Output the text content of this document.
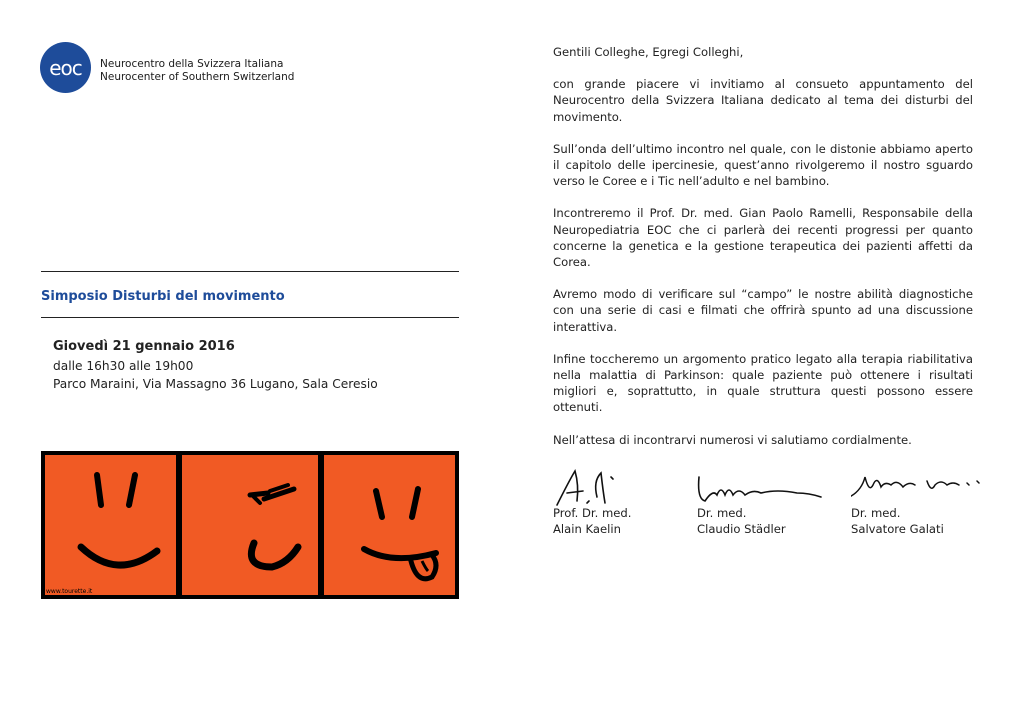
eoc Neurocentro della Svizzera Italiana
Neurocenter of Southern Switzerland
Simposio Disturbi del movimento
Giovedì 21 gennaio 2016
dalle 16h30 alle 19h00
Parco Maraini, Via Massagno 36 Lugano, Sala Ceresio
www.tourette.it

Gentili Colleghe, Egregi Colleghi,

con grande piacere vi invitiamo al consueto appuntamento del Neurocentro della Svizzera Italiana dedicato al tema dei disturbi del movimento.

Sull’onda dell’ultimo incontro nel quale, con le distonie abbiamo aperto il capitolo delle ipercinesie, quest’anno rivolgeremo il nostro sguardo verso le Coree e i Tic nell’adulto e nel bambino.

Incontreremo il Prof. Dr. med. Gian Paolo Ramelli, Responsabile della Neuropediatria EOC che ci parlerà dei recenti progressi per quanto concerne la genetica e la gestione terapeutica dei pazienti affetti da Corea.

Avremo modo di verificare sul “campo” le nostre abilità diagnostiche con una serie di casi e filmati che offrirà spunto ad una discussione interattiva.

Infine toccheremo un argomento pratico legato alla terapia riabilitativa nella malattia di Parkinson: quale paziente può ottenere i risultati migliori e, soprattutto, in quale struttura questi possono essere ottenuti.

Nell’attesa di incontrarvi numerosi vi salutiamo cordialmente.

Prof. Dr. med.
Alain Kaelin
Dr. med.
Claudio Städler
Dr. med.
Salvatore Galati
